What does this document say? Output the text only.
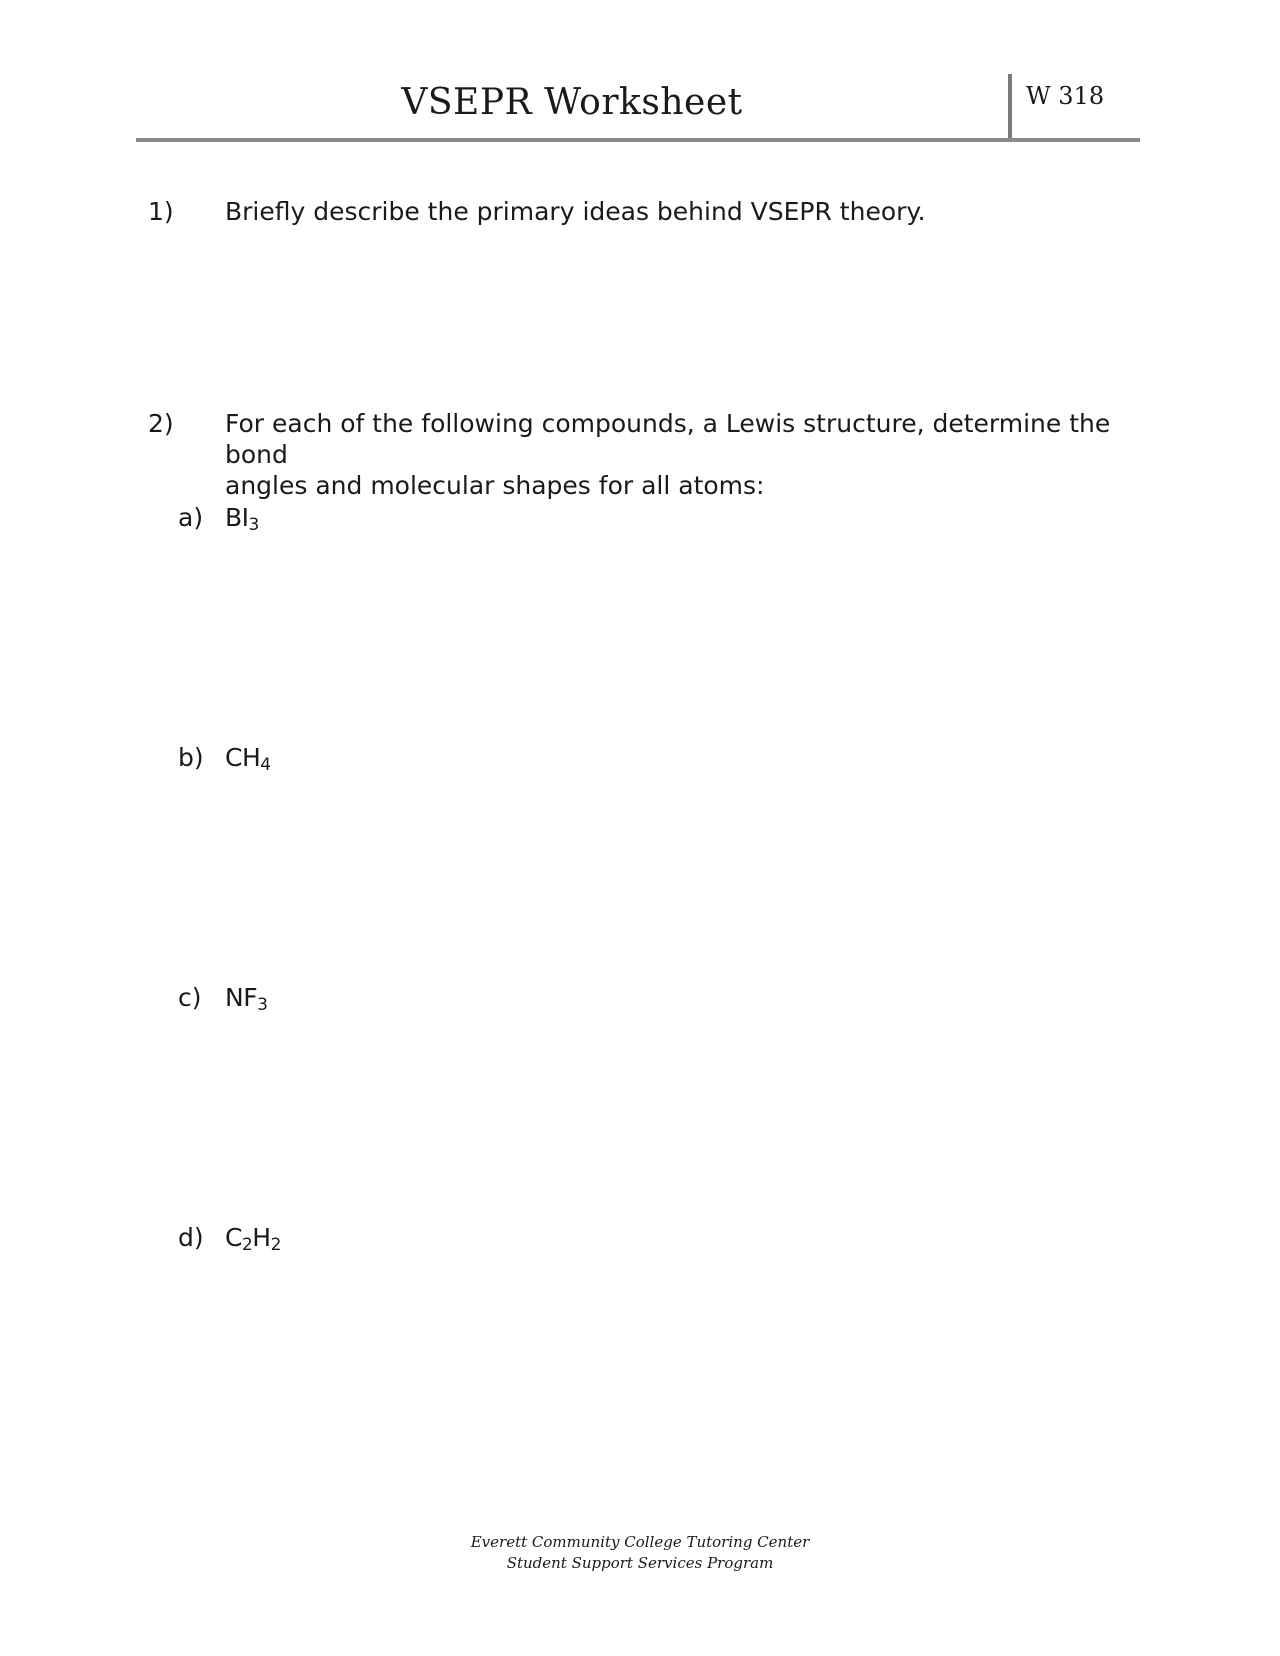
VSEPR Worksheet	W 318
1) Briefly describe the primary ideas behind VSEPR theory.
2) For each of the following compounds, a Lewis structure, determine the bond
angles and molecular shapes for all atoms:
a) $BI_3$
b) $CH_4$
c) $NF_3$
d) $C_2H_2$
Everett Community College Tutoring Center
Student Support Services Program
